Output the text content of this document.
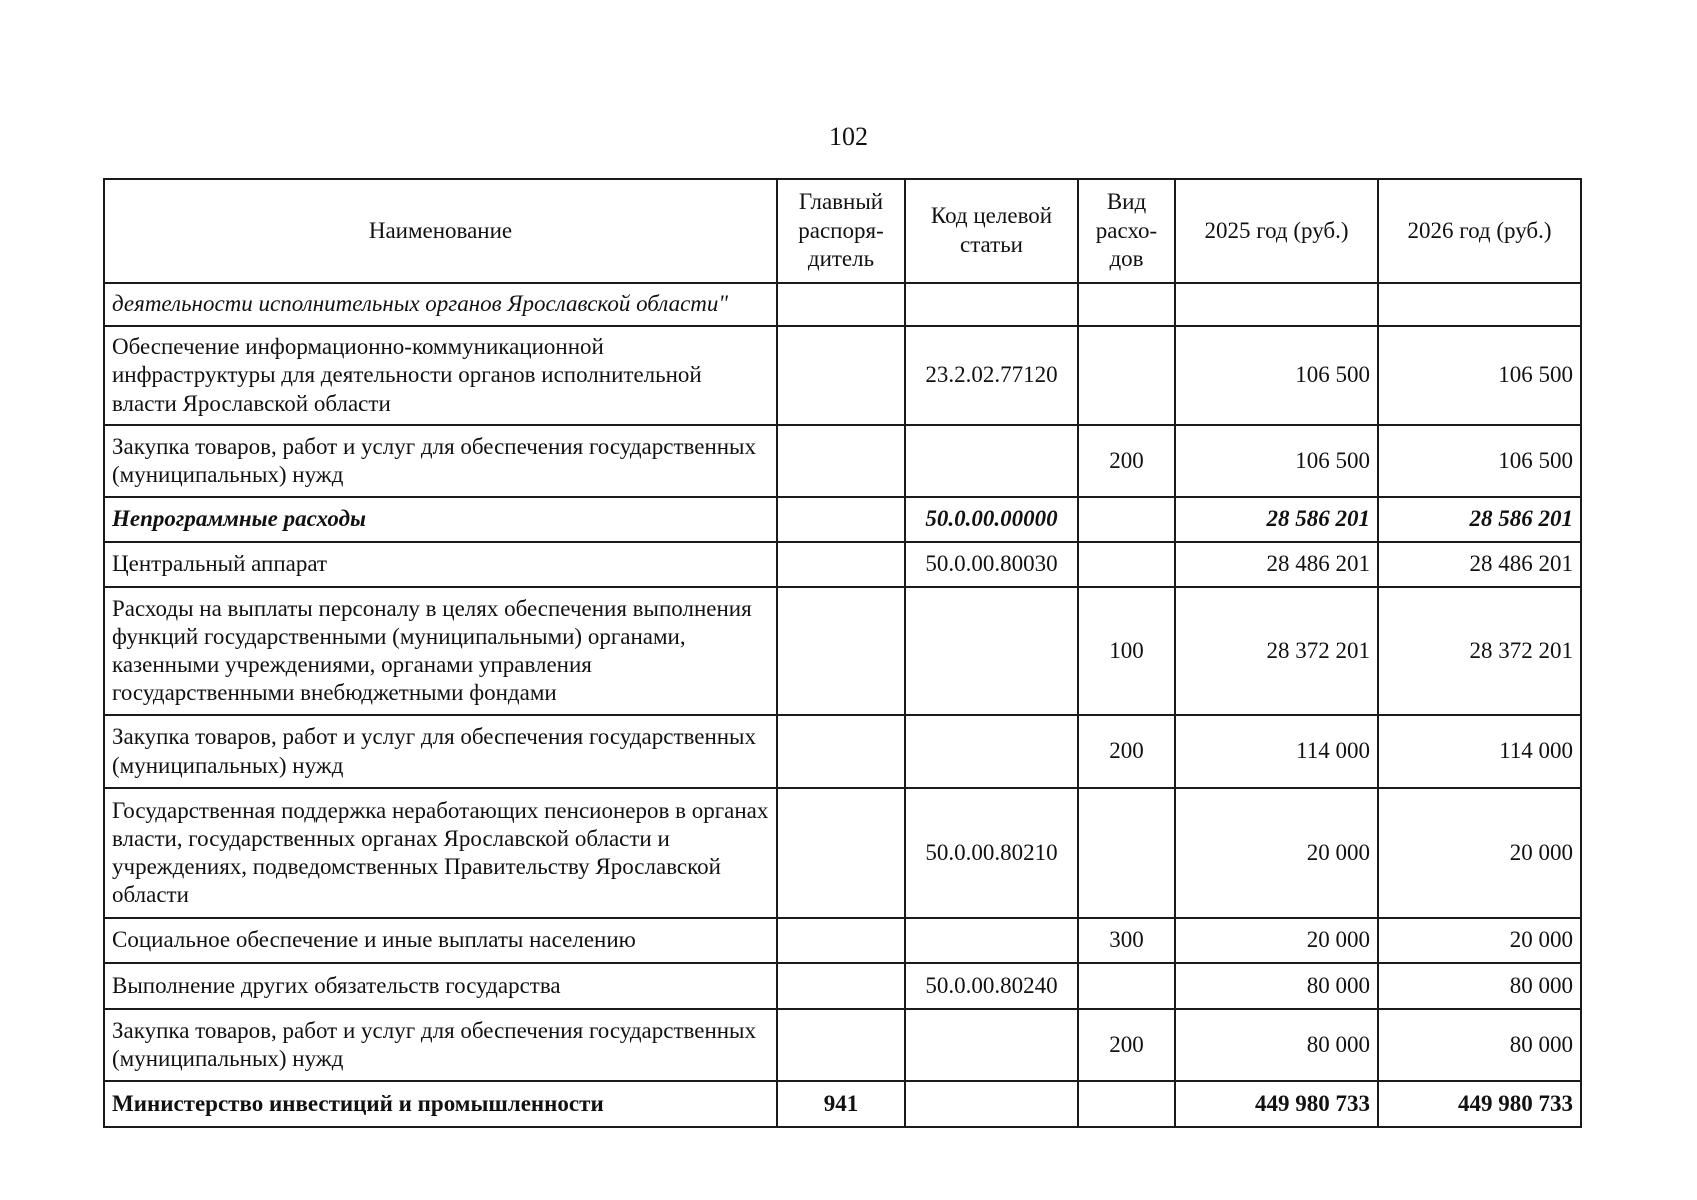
102
Наименование	Главный распоря-дитель	Код целевой статьи	Вид расхо-дов	2025 год (руб.)	2026 год (руб.)
деятельности исполнительных органов Ярославской области"					
Обеспечение информационно-коммуникационной инфраструктуры для деятельности органов исполнительной власти Ярославской области		23.2.02.77120		106 500	106 500
Закупка товаров, работ и услуг для обеспечения государственных (муниципальных) нужд			200	106 500	106 500
Непрограммные расходы		50.0.00.00000		28 586 201	28 586 201
Центральный аппарат		50.0.00.80030		28 486 201	28 486 201
Расходы на выплаты персоналу в целях обеспечения выполнения функций государственными (муниципальными) органами, казенными учреждениями, органами управления государственными внебюджетными фондами			100	28 372 201	28 372 201
Закупка товаров, работ и услуг для обеспечения государственных (муниципальных) нужд			200	114 000	114 000
Государственная поддержка неработающих пенсионеров в органах власти, государственных органах Ярославской области и учреждениях, подведомственных Правительству Ярославской области		50.0.00.80210		20 000	20 000
Социальное обеспечение и иные выплаты населению			300	20 000	20 000
Выполнение других обязательств государства		50.0.00.80240		80 000	80 000
Закупка товаров, работ и услуг для обеспечения государственных (муниципальных) нужд			200	80 000	80 000
Министерство инвестиций и промышленности	941			449 980 733	449 980 733
